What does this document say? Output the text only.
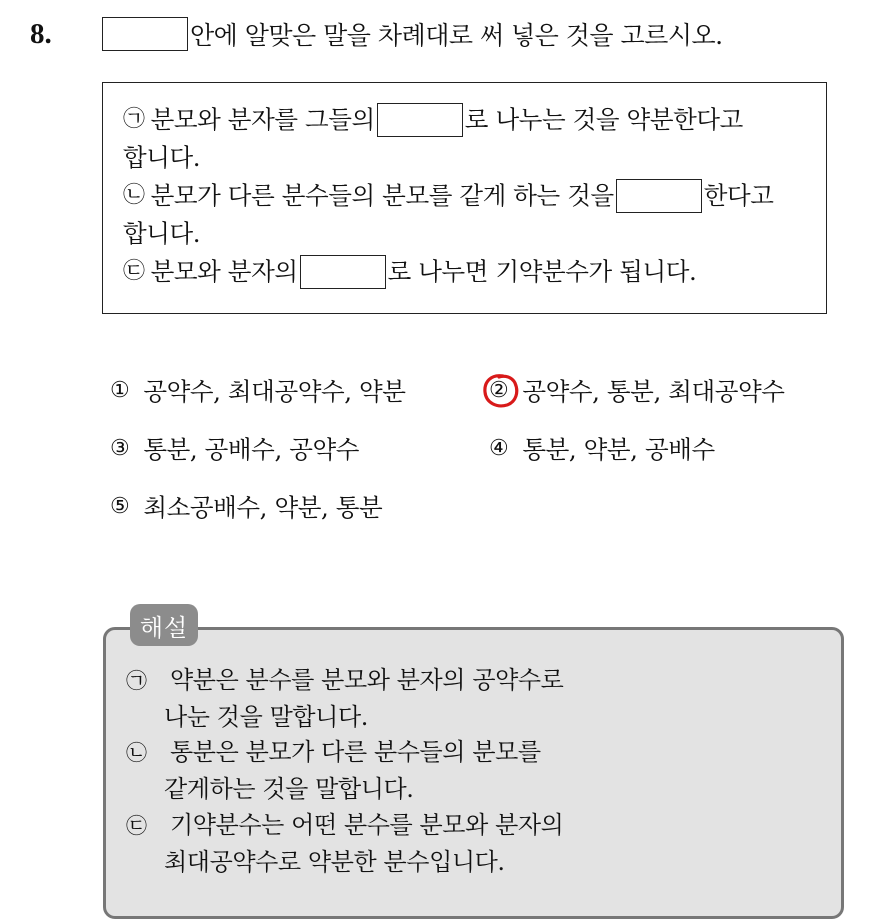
8.	안에 알맞은 말을 차례대로 써 넣은 것을 고르시오.
㉠ 분모와 분자를 그들의	로 나누는 것을 약분한다고
합니다.
㉡ 분모가 다른 분수들의 분모를 같게 하는 것을	한다고
합니다.
㉢ 분모와 분자의	로 나누면 기약분수가 됩니다.
① 공약수, 최대공약수, 약분	② 공약수, 통분, 최대공약수
③ 통분, 공배수, 공약수	④ 통분, 약분, 공배수
⑤ 최소공배수, 약분, 통분
㉠ 약분은 분수를 분모와 분자의 공약수로
나눈 것을 말합니다.
㉡ 통분은 분모가 다른 분수들의 분모를
같게하는 것을 말합니다.
㉢ 기약분수는 어떤 분수를 분모와 분자의
최대공약수로 약분한 분수입니다.
해설
